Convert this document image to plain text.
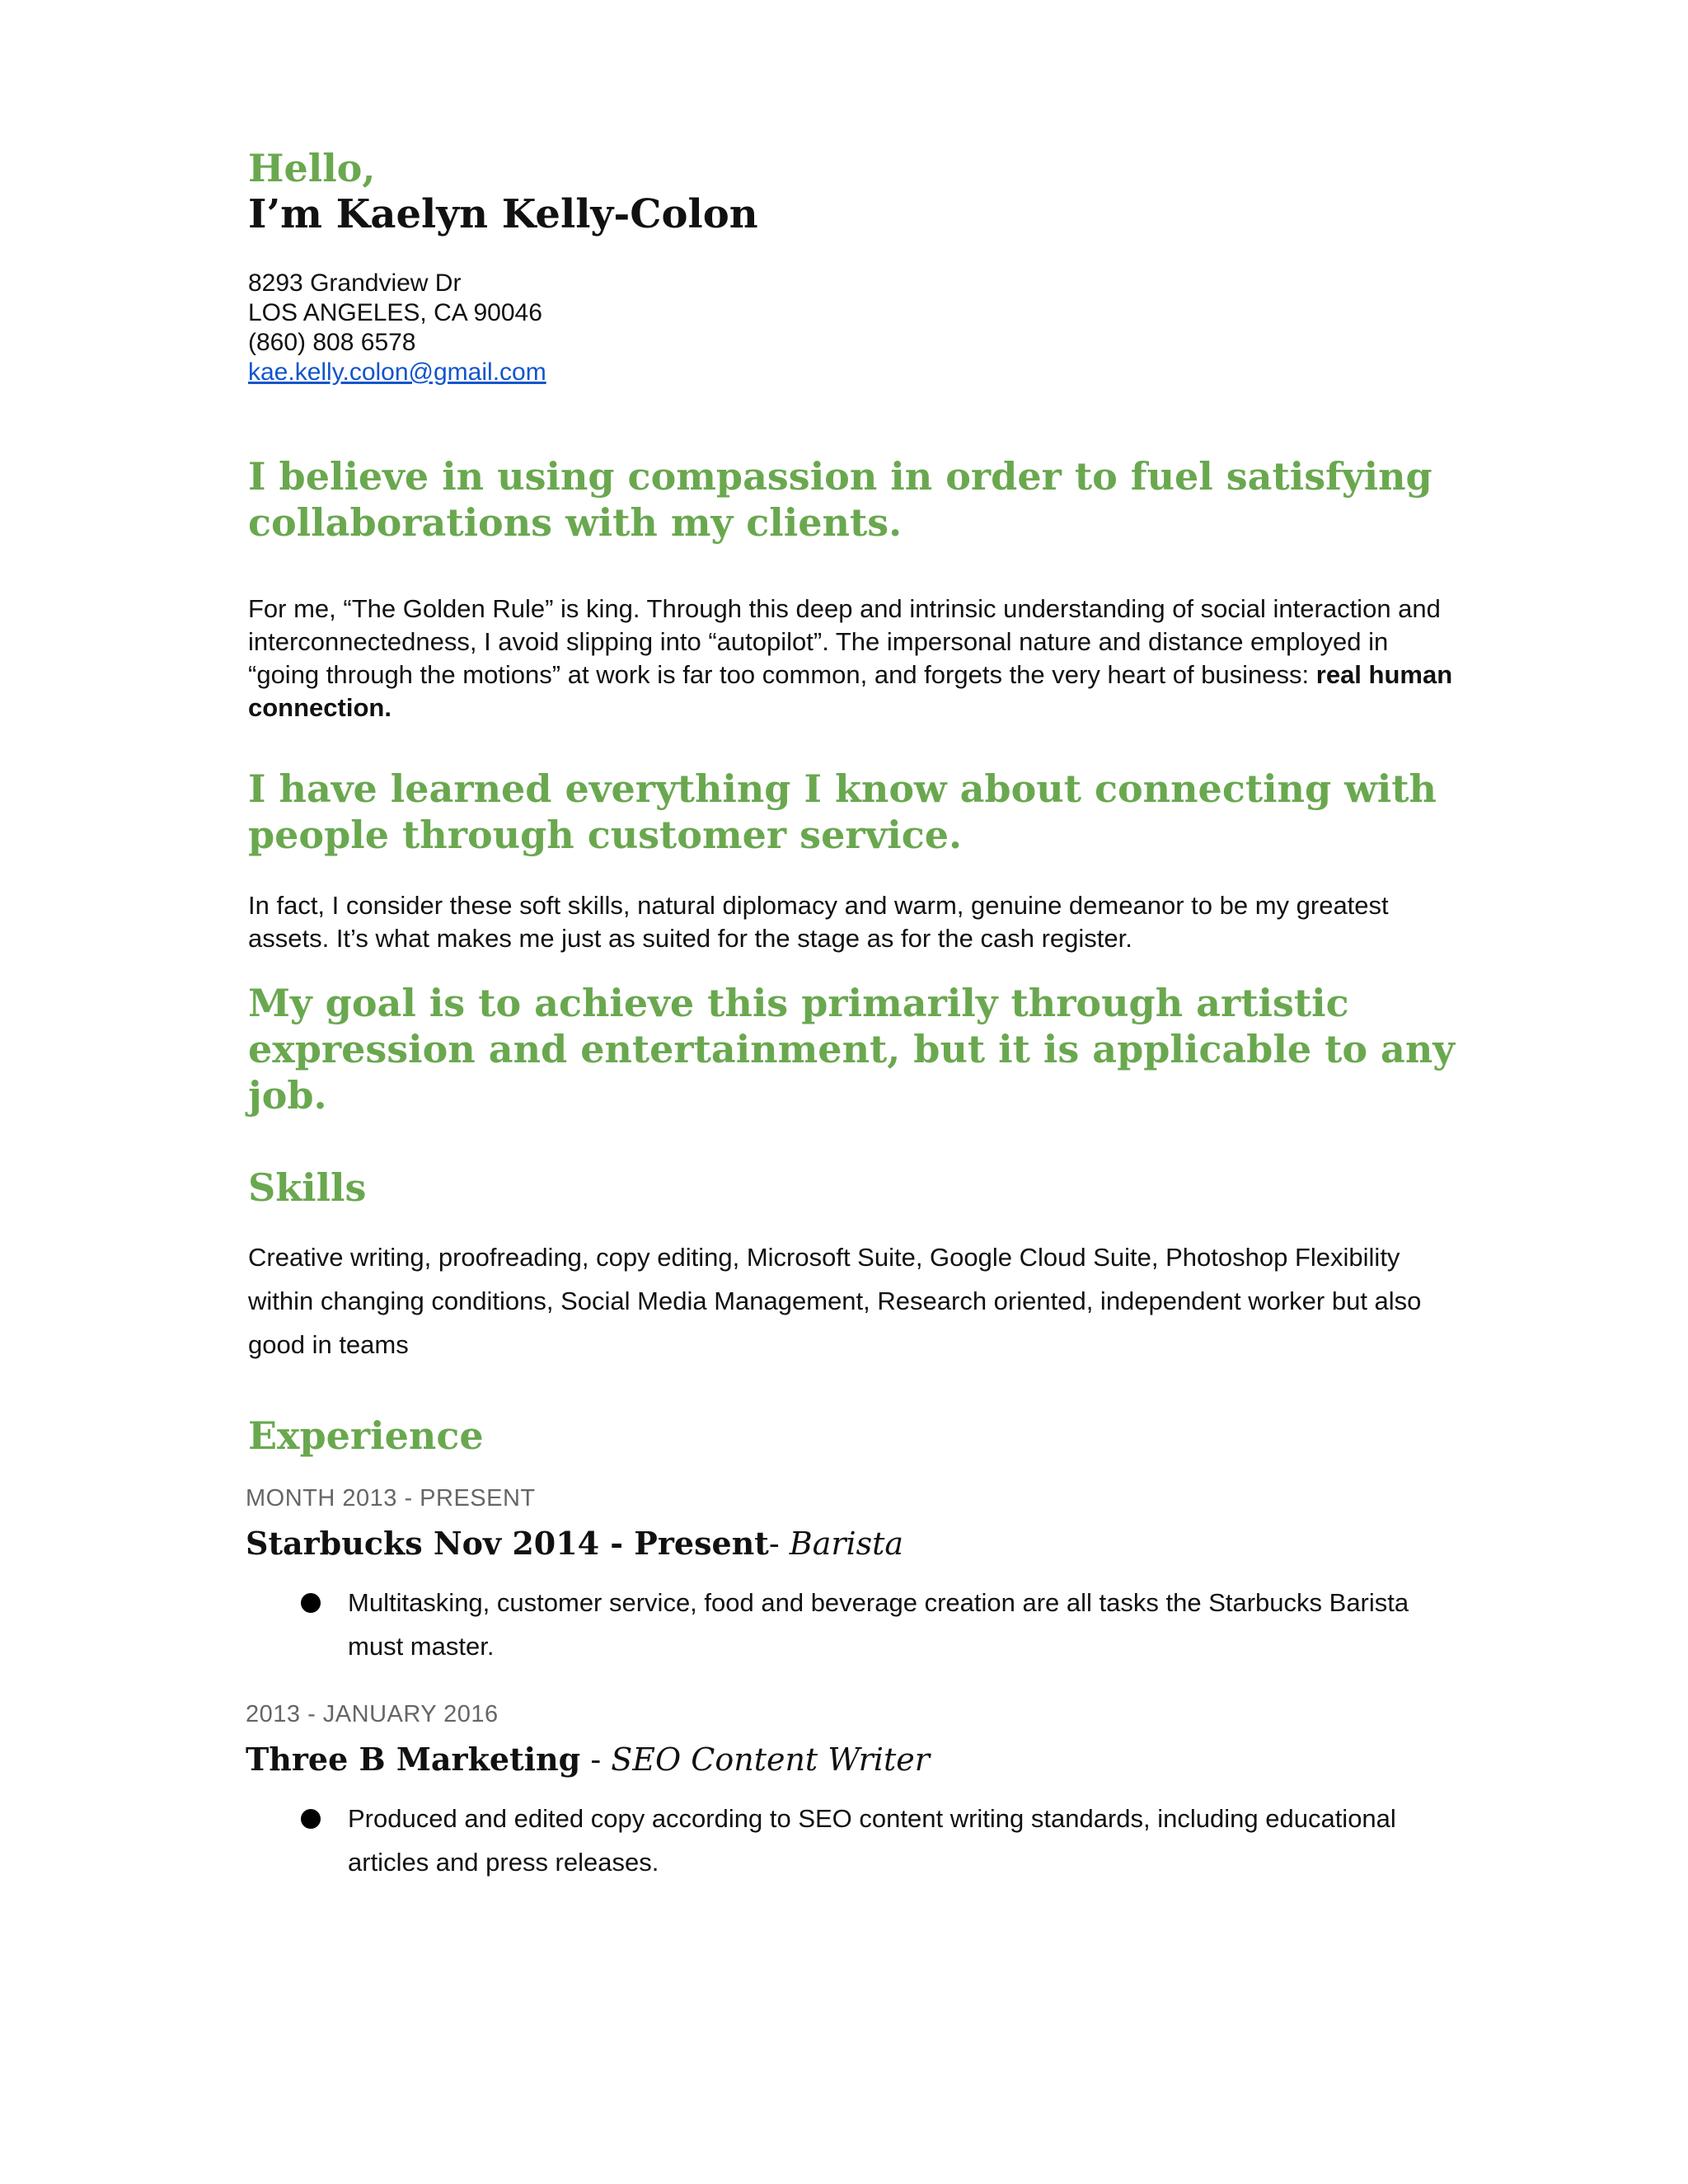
Hello,
I’m Kaelyn Kelly-Colon
8293 Grandview Dr
LOS ANGELES, CA 90046
(860) 808 6578
kae.kelly.colon@gmail.com
I believe in using compassion in order to fuel satisfying collaborations with my clients.

For me, “The Golden Rule” is king. Through this deep and intrinsic understanding of social interaction and interconnectedness, I avoid slipping into “autopilot”. The impersonal nature and distance employed in “going through the motions” at work is far too common, and forgets the very heart of business: real human connection.

I have learned everything I know about connecting with people through customer service.

In fact, I consider these soft skills, natural diplomacy and warm, genuine demeanor to be my greatest assets. It’s what makes me just as suited for the stage as for the cash register.

My goal is to achieve this primarily through artistic expression and entertainment, but it is applicable to any job.
Skills

Creative writing, proofreading, copy editing, Microsoft Suite, Google Cloud Suite, Photoshop Flexibility within changing conditions, Social Media Management, Research oriented, independent worker but also good in teams

Experience
MONTH 2013 - PRESENT
Starbucks Nov 2014 - Present- Barista
Multitasking, customer service, food and beverage creation are all tasks the Starbucks Barista must master.
2013 - JANUARY 2016
Three B Marketing - SEO Content Writer
Produced and edited copy according to SEO content writing standards, including educational articles and press releases.
